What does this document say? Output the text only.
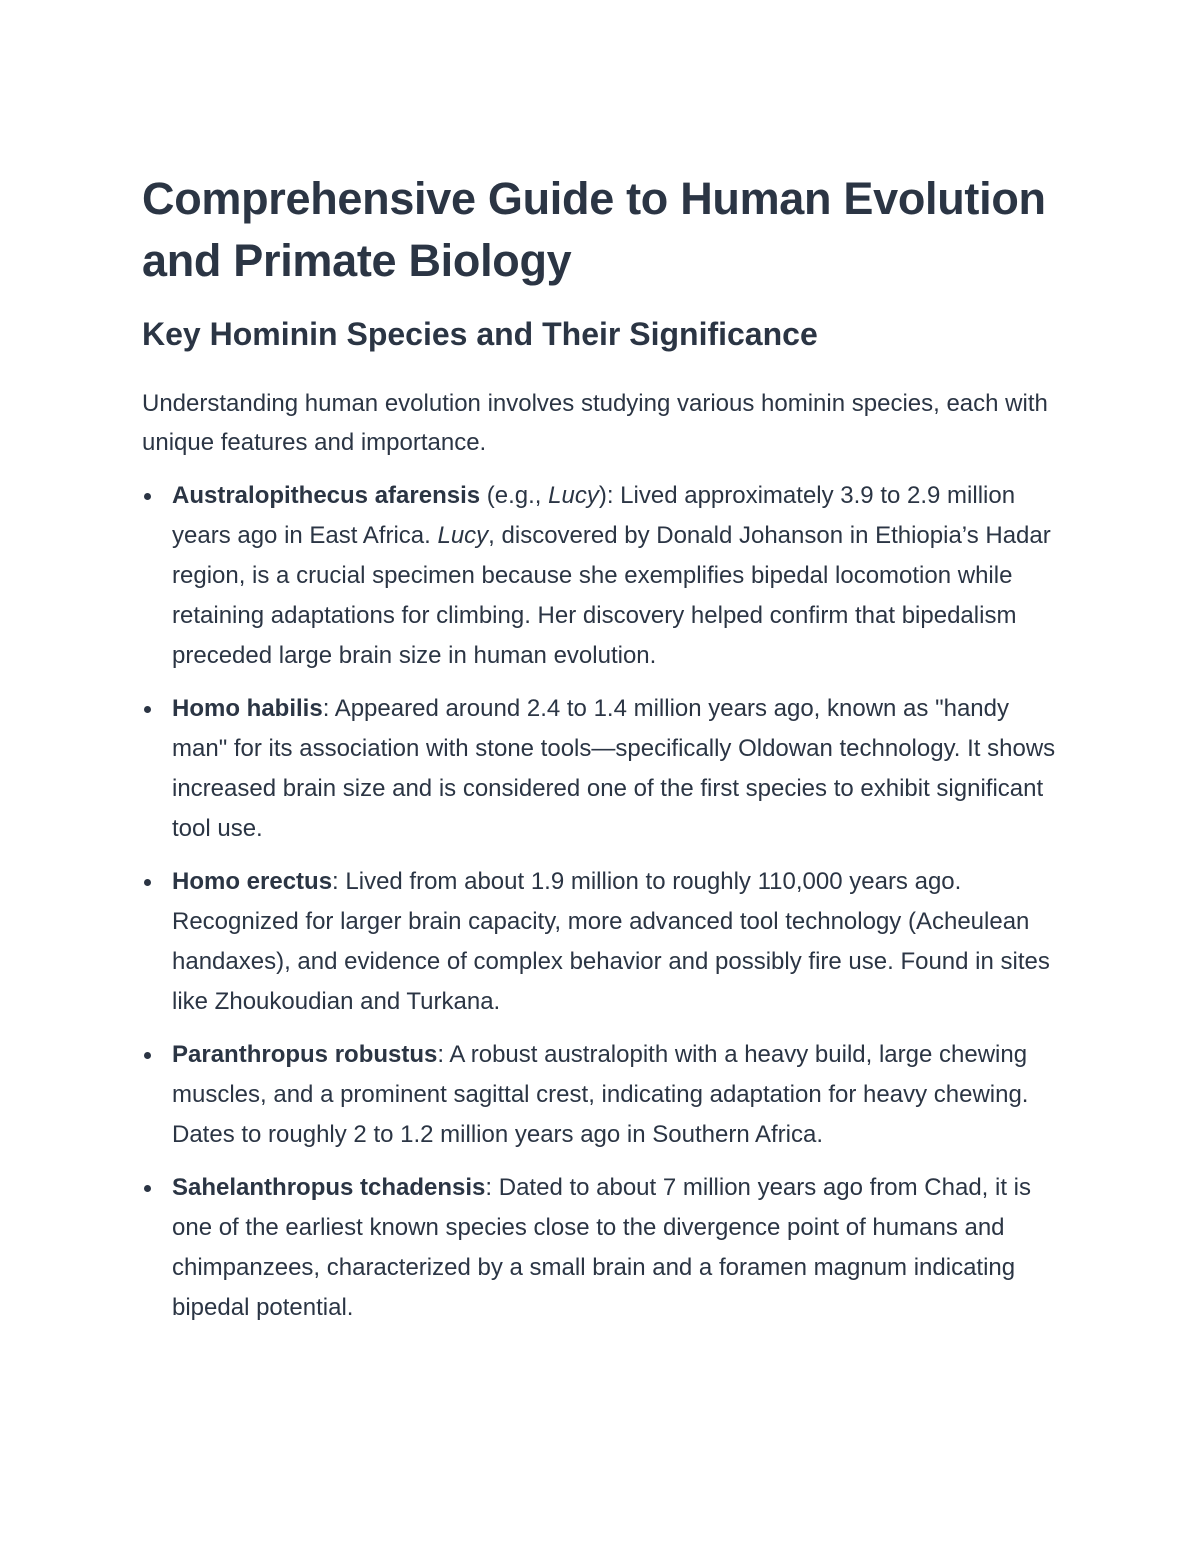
Comprehensive Guide to Human Evolution and Primate Biology
Key Hominin Species and Their Significance

Understanding human evolution involves studying various hominin species, each with unique features and importance.

Australopithecus afarensis (e.g., Lucy): Lived approximately 3.9 to 2.9 million years ago in East Africa. Lucy, discovered by Donald Johanson in Ethiopia’s Hadar region, is a crucial specimen because she exemplifies bipedal locomotion while retaining adaptations for climbing. Her discovery helped confirm that bipedalism preceded large brain size in human evolution.
Homo habilis: Appeared around 2.4 to 1.4 million years ago, known as "handy man" for its association with stone tools—specifically Oldowan technology. It shows increased brain size and is considered one of the first species to exhibit significant tool use.
Homo erectus: Lived from about 1.9 million to roughly 110,000 years ago. Recognized for larger brain capacity, more advanced tool technology (Acheulean handaxes), and evidence of complex behavior and possibly fire use. Found in sites like Zhoukoudian and Turkana.
Paranthropus robustus: A robust australopith with a heavy build, large chewing muscles, and a prominent sagittal crest, indicating adaptation for heavy chewing. Dates to roughly 2 to 1.2 million years ago in Southern Africa.
Sahelanthropus tchadensis: Dated to about 7 million years ago from Chad, it is one of the earliest known species close to the divergence point of humans and chimpanzees, characterized by a small brain and a foramen magnum indicating bipedal potential.
